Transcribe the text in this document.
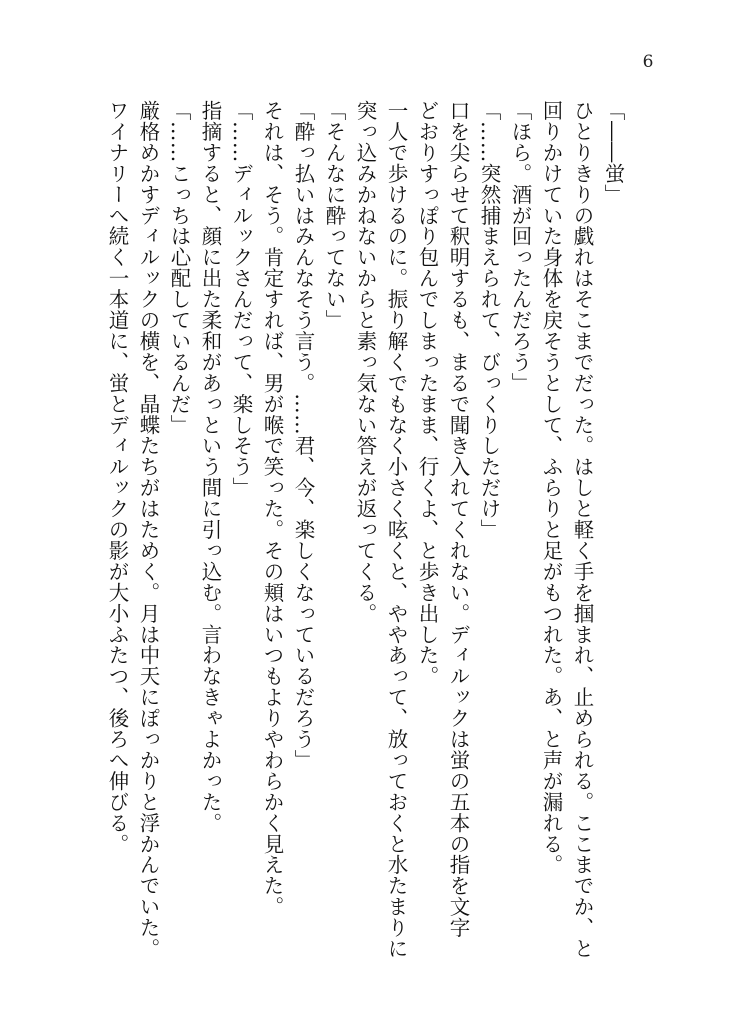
6
「――蛍」
ひとりきりの戯れはそこまでだった。はしと軽く手を掴まれ、止められる。ここまでか、と
回りかけていた身体を戻そうとして、ふらりと足がもつれた。あ、と声が漏れる。
「ほら。酒が回ったんだろう」
「……突然捕まえられて、びっくりしただけ」
口を尖らせて釈明するも、まるで聞き入れてくれない。ディルックは蛍の五本の指を文字
どおりすっぽり包んでしまったまま、行くよ、と歩き出した。
一人で歩けるのに。振り解くでもなく小さく呟くと、ややあって、放っておくと水たまりに
突っ込みかねないからと素っ気ない答えが返ってくる。
「そんなに酔ってない」
「酔っ払いはみんなそう言う。……君、今、楽しくなっているだろう」
それは、そう。肯定すれば、男が喉で笑った。その頬はいつもよりやわらかく見えた。
「……ディルックさんだって、楽しそう」
指摘すると、顔に出た柔和があっという間に引っ込む。言わなきゃよかった。
「……こっちは心配しているんだ」
厳格めかすディルックの横を、晶蝶たちがはためく。月は中天にぽっかりと浮かんでいた。
ワイナリーへ続く一本道に、蛍とディルックの影が大小ふたつ、後ろへ伸びる。
